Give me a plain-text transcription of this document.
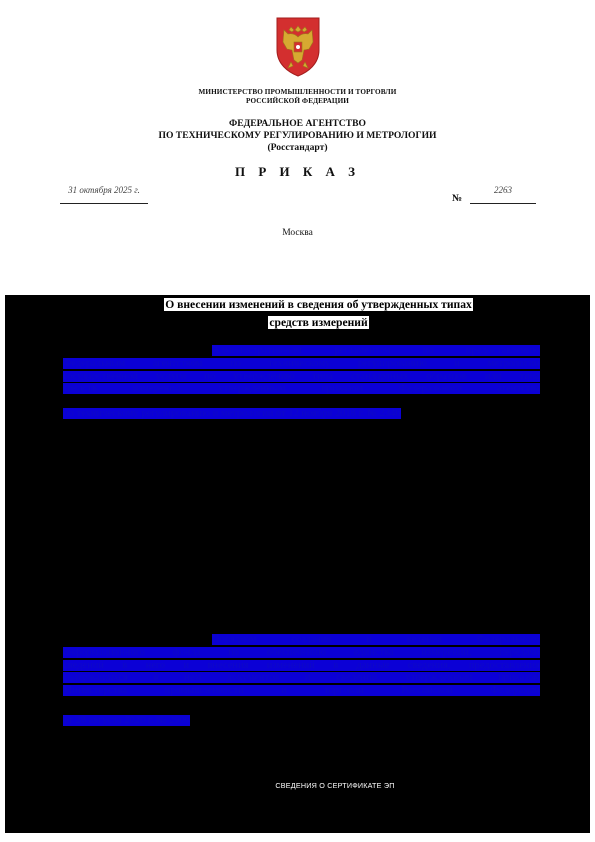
МИНИСТЕРСТВО ПРОМЫШЛЕННОСТИ И ТОРГОВЛИ
РОССИЙСКОЙ ФЕДЕРАЦИИ
ФЕДЕРАЛЬНОЕ АГЕНТСТВО
ПО ТЕХНИЧЕСКОМУ РЕГУЛИРОВАНИЮ И МЕТРОЛОГИИ
(Росстандарт)
П Р И К А З
31 октября 2025 г.
№
2263
Москва
О внесении изменений в сведения об утвержденных типах
средств измерений
Административным регламентом по предоставлению
Федеральным агентством по техническому регулированию и метрологии
государственной услуги по утверждению типа стандартных образцов или типа
средств измерений, утвержденным приказом Федерального агентства
по техническому регулированию и метрологии от 12 ноября 2018 г. № 2346
Порядком создания и ведения Федерального
информационного фонда по обеспечению единства измерений, передачи
сведений в него и внесения изменений в данные сведения, предоставления
содержащихся в нем документов и сведений, утвержденным приказом
Министерства промышленности и торговли Российской Федерации
от 28 августа 2020 г. № 2906
СВЕДЕНИЯ О СЕРТИФИКАТЕ ЭП
